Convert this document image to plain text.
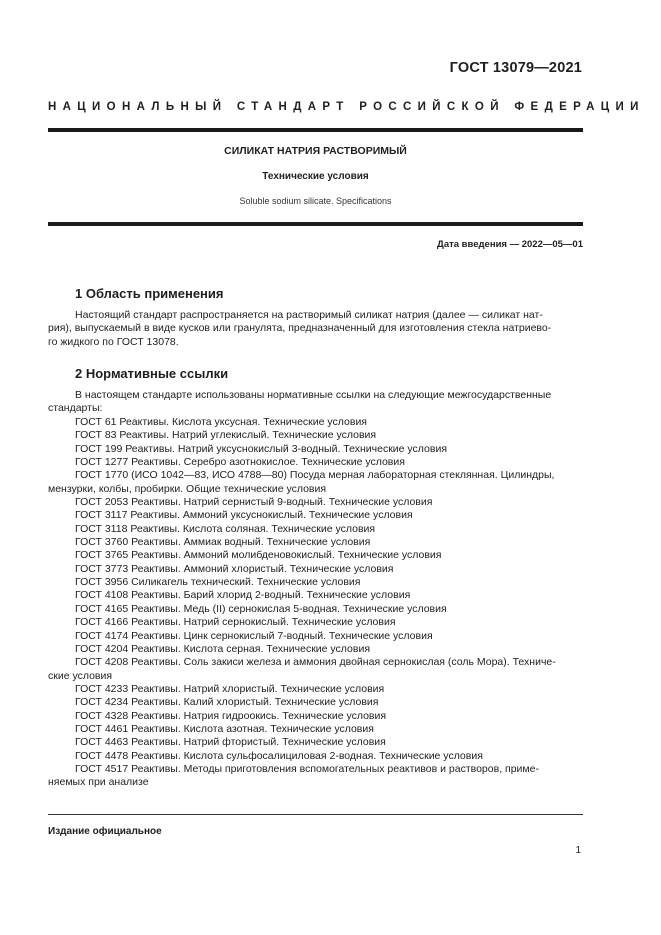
ГОСТ 13079—2021
НАЦИОНАЛЬНЫЙ СТАНДАРТ РОССИЙСКОЙ ФЕДЕРАЦИИ
СИЛИКАТ НАТРИЯ РАСТВОРИМЫЙ
Технические условия
Soluble sodium silicate. Specifications
Дата введения — 2022—05—01
1 Область применения
Настоящий стандарт распространяется на растворимый силикат натрия (далее — силикат нат-
рия), выпускаемый в виде кусков или гранулята, предназначенный для изготовления стекла натриево-
го жидкого по ГОСТ 13078.
2 Нормативные ссылки
В настоящем стандарте использованы нормативные ссылки на следующие межгосударственные
стандарты:
ГОСТ 61 Реактивы. Кислота уксусная. Технические условия
ГОСТ 83 Реактивы. Натрий углекислый. Технические условия
ГОСТ 199 Реактивы. Натрий уксуснокислый 3-водный. Технические условия
ГОСТ 1277 Реактивы. Серебро азотнокислое. Технические условия
ГОСТ 1770 (ИСО 1042—83, ИСО 4788—80) Посуда мерная лабораторная стеклянная. Цилиндры,
мензурки, колбы, пробирки. Общие технические условия
ГОСТ 2053 Реактивы. Натрий сернистый 9-водный. Технические условия
ГОСТ 3117 Реактивы. Аммоний уксуснокислый. Технические условия
ГОСТ 3118 Реактивы. Кислота соляная. Технические условия
ГОСТ 3760 Реактивы. Аммиак водный. Технические условия
ГОСТ 3765 Реактивы. Аммоний молибденовокислый. Технические условия
ГОСТ 3773 Реактивы. Аммоний хлористый. Технические условия
ГОСТ 3956 Силикагель технический. Технические условия
ГОСТ 4108 Реактивы. Барий хлорид 2-водный. Технические условия
ГОСТ 4165 Реактивы. Медь (II) сернокислая 5-водная. Технические условия
ГОСТ 4166 Реактивы. Натрий сернокислый. Технические условия
ГОСТ 4174 Реактивы. Цинк сернокислый 7-водный. Технические условия
ГОСТ 4204 Реактивы. Кислота серная. Технические условия
ГОСТ 4208 Реактивы. Соль закиси железа и аммония двойная сернокислая (соль Мора). Техниче-
ские условия
ГОСТ 4233 Реактивы. Натрий хлористый. Технические условия
ГОСТ 4234 Реактивы. Калий хлористый. Технические условия
ГОСТ 4328 Реактивы. Натрия гидроокись. Технические условия
ГОСТ 4461 Реактивы. Кислота азотная. Технические условия
ГОСТ 4463 Реактивы. Натрий фтористый. Технические условия
ГОСТ 4478 Реактивы. Кислота сульфосалициловая 2-водная. Технические условия
ГОСТ 4517 Реактивы. Методы приготовления вспомогательных реактивов и растворов, приме-
няемых при анализе
Издание официальное
1
